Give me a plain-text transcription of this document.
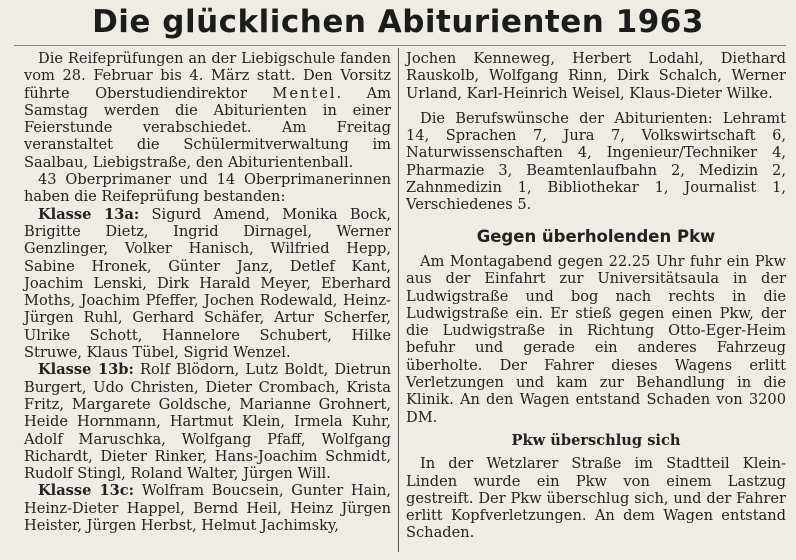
Die glücklichen Abiturienten 1963

Die Reifeprüfungen an der Liebigschule fanden vom 28. Februar bis 4. März statt. Den Vorsitz führte Oberstudiendirektor Mentel. Am Samstag werden die Abiturienten in einer Feierstunde verabschiedet. Am Freitag veranstaltet die Schülermitverwaltung im Saalbau, Liebigstraße, den Abiturientenball.

43 Oberprimaner und 14 Oberprimanerinnen haben die Reifeprüfung bestanden:

Klasse 13a: Sigurd Amend, Monika Bock, Brigitte Dietz, Ingrid Dirnagel, Werner Genzlinger, Volker Hanisch, Wilfried Hepp, Sabine Hronek, Günter Janz, Detlef Kant, Joachim Lenski, Dirk Harald Meyer, Eberhard Moths, Joachim Pfeffer, Jochen Rodewald, Heinz-Jürgen Ruhl, Gerhard Schäfer, Artur Scherfer, Ulrike Schott, Hannelore Schubert, Hilke Struwe, Klaus Tübel, Sigrid Wenzel.

Klasse 13b: Rolf Blödorn, Lutz Boldt, Dietrun Burgert, Udo Christen, Dieter Crombach, Krista Fritz, Margarete Goldsche, Marianne Grohnert, Heide Hornmann, Hartmut Klein, Irmela Kuhr, Adolf Maruschka, Wolfgang Pfaff, Wolfgang Richardt, Dieter Rinker, Hans-Joachim Schmidt, Rudolf Stingl, Roland Walter, Jürgen Will.

Klasse 13c: Wolfram Boucsein, Gunter Hain, Heinz-Dieter Happel, Bernd Heil, Heinz Jürgen Heister, Jürgen Herbst, Helmut Jachimsky,

Jochen Kenneweg, Herbert Lodahl, Diethard Rauskolb, Wolfgang Rinn, Dirk Schalch, Werner Urland, Karl-Heinrich Weisel, Klaus-Dieter Wilke.

Die Berufswünsche der Abiturienten: Lehramt 14, Sprachen 7, Jura 7, Volkswirtschaft 6, Naturwissenschaften 4, Ingenieur/Techniker 4, Pharmazie 3, Beamtenlaufbahn 2, Medizin 2, Zahnmedizin 1, Bibliothekar 1, Journalist 1, Verschiedenes 5.

Gegen überholenden Pkw

Am Montagabend gegen 22.25 Uhr fuhr ein Pkw aus der Einfahrt zur Universitätsaula in der Ludwigstraße und bog nach rechts in die Ludwigstraße ein. Er stieß gegen einen Pkw, der die Ludwigstraße in Richtung Otto-Eger-Heim befuhr und gerade ein anderes Fahrzeug überholte. Der Fahrer dieses Wagens erlitt Verletzungen und kam zur Behandlung in die Klinik. An den Wagen entstand Schaden von 3200 DM.

Pkw überschlug sich

In der Wetzlarer Straße im Stadtteil Klein-Linden wurde ein Pkw von einem Lastzug gestreift. Der Pkw überschlug sich, und der Fahrer erlitt Kopfverletzungen. An dem Wagen entstand Schaden.
